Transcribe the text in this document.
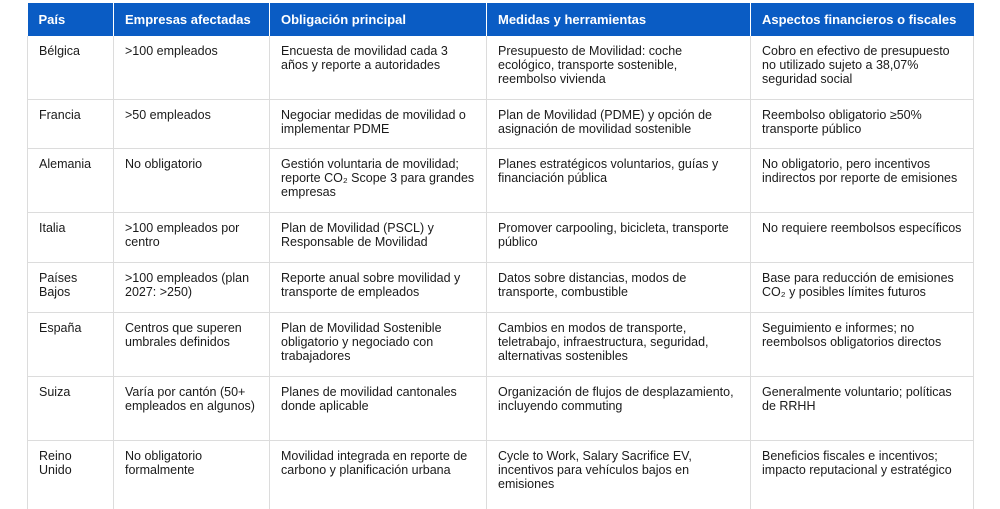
País	Empresas afectadas	Obligación principal	Medidas y herramientas	Aspectos financieros o fiscales
Bélgica	>100 empleados	Encuesta de movilidad cada 3 años y reporte a autoridades	Presupuesto de Movilidad: coche ecológico, transporte sostenible, reembolso vivienda	Cobro en efectivo de presupuesto no utilizado sujeto a 38,07% seguridad social
Francia	>50 empleados	Negociar medidas de movilidad o implementar PDME	Plan de Movilidad (PDME) y opción de asignación de movilidad sostenible	Reembolso obligatorio ≥50% transporte público
Alemania	No obligatorio	Gestión voluntaria de movilidad; reporte CO₂ Scope 3 para grandes empresas	Planes estratégicos voluntarios, guías y financiación pública	No obligatorio, pero incentivos indirectos por reporte de emisiones
Italia	>100 empleados por centro	Plan de Movilidad (PSCL) y Responsable de Movilidad	Promover carpooling, bicicleta, transporte público	No requiere reembolsos específicos
Países Bajos	>100 empleados (plan 2027: >250)	Reporte anual sobre movilidad y transporte de empleados	Datos sobre distancias, modos de transporte, combustible	Base para reducción de emisiones CO₂ y posibles límites futuros
España	Centros que superen umbrales definidos	Plan de Movilidad Sostenible obligatorio y negociado con trabajadores	Cambios en modos de transporte, teletrabajo, infraestructura, seguridad, alternativas sostenibles	Seguimiento e informes; no reembolsos obligatorios directos
Suiza	Varía por cantón (50+ empleados en algunos)	Planes de movilidad cantonales donde aplicable	Organización de flujos de desplazamiento, incluyendo commuting	Generalmente voluntario; políticas de RRHH
Reino Unido	No obligatorio formalmente	Movilidad integrada en reporte de carbono y planificación urbana	Cycle to Work, Salary Sacrifice EV, incentivos para vehículos bajos en emisiones	Beneficios fiscales e incentivos; impacto reputacional y estratégico
